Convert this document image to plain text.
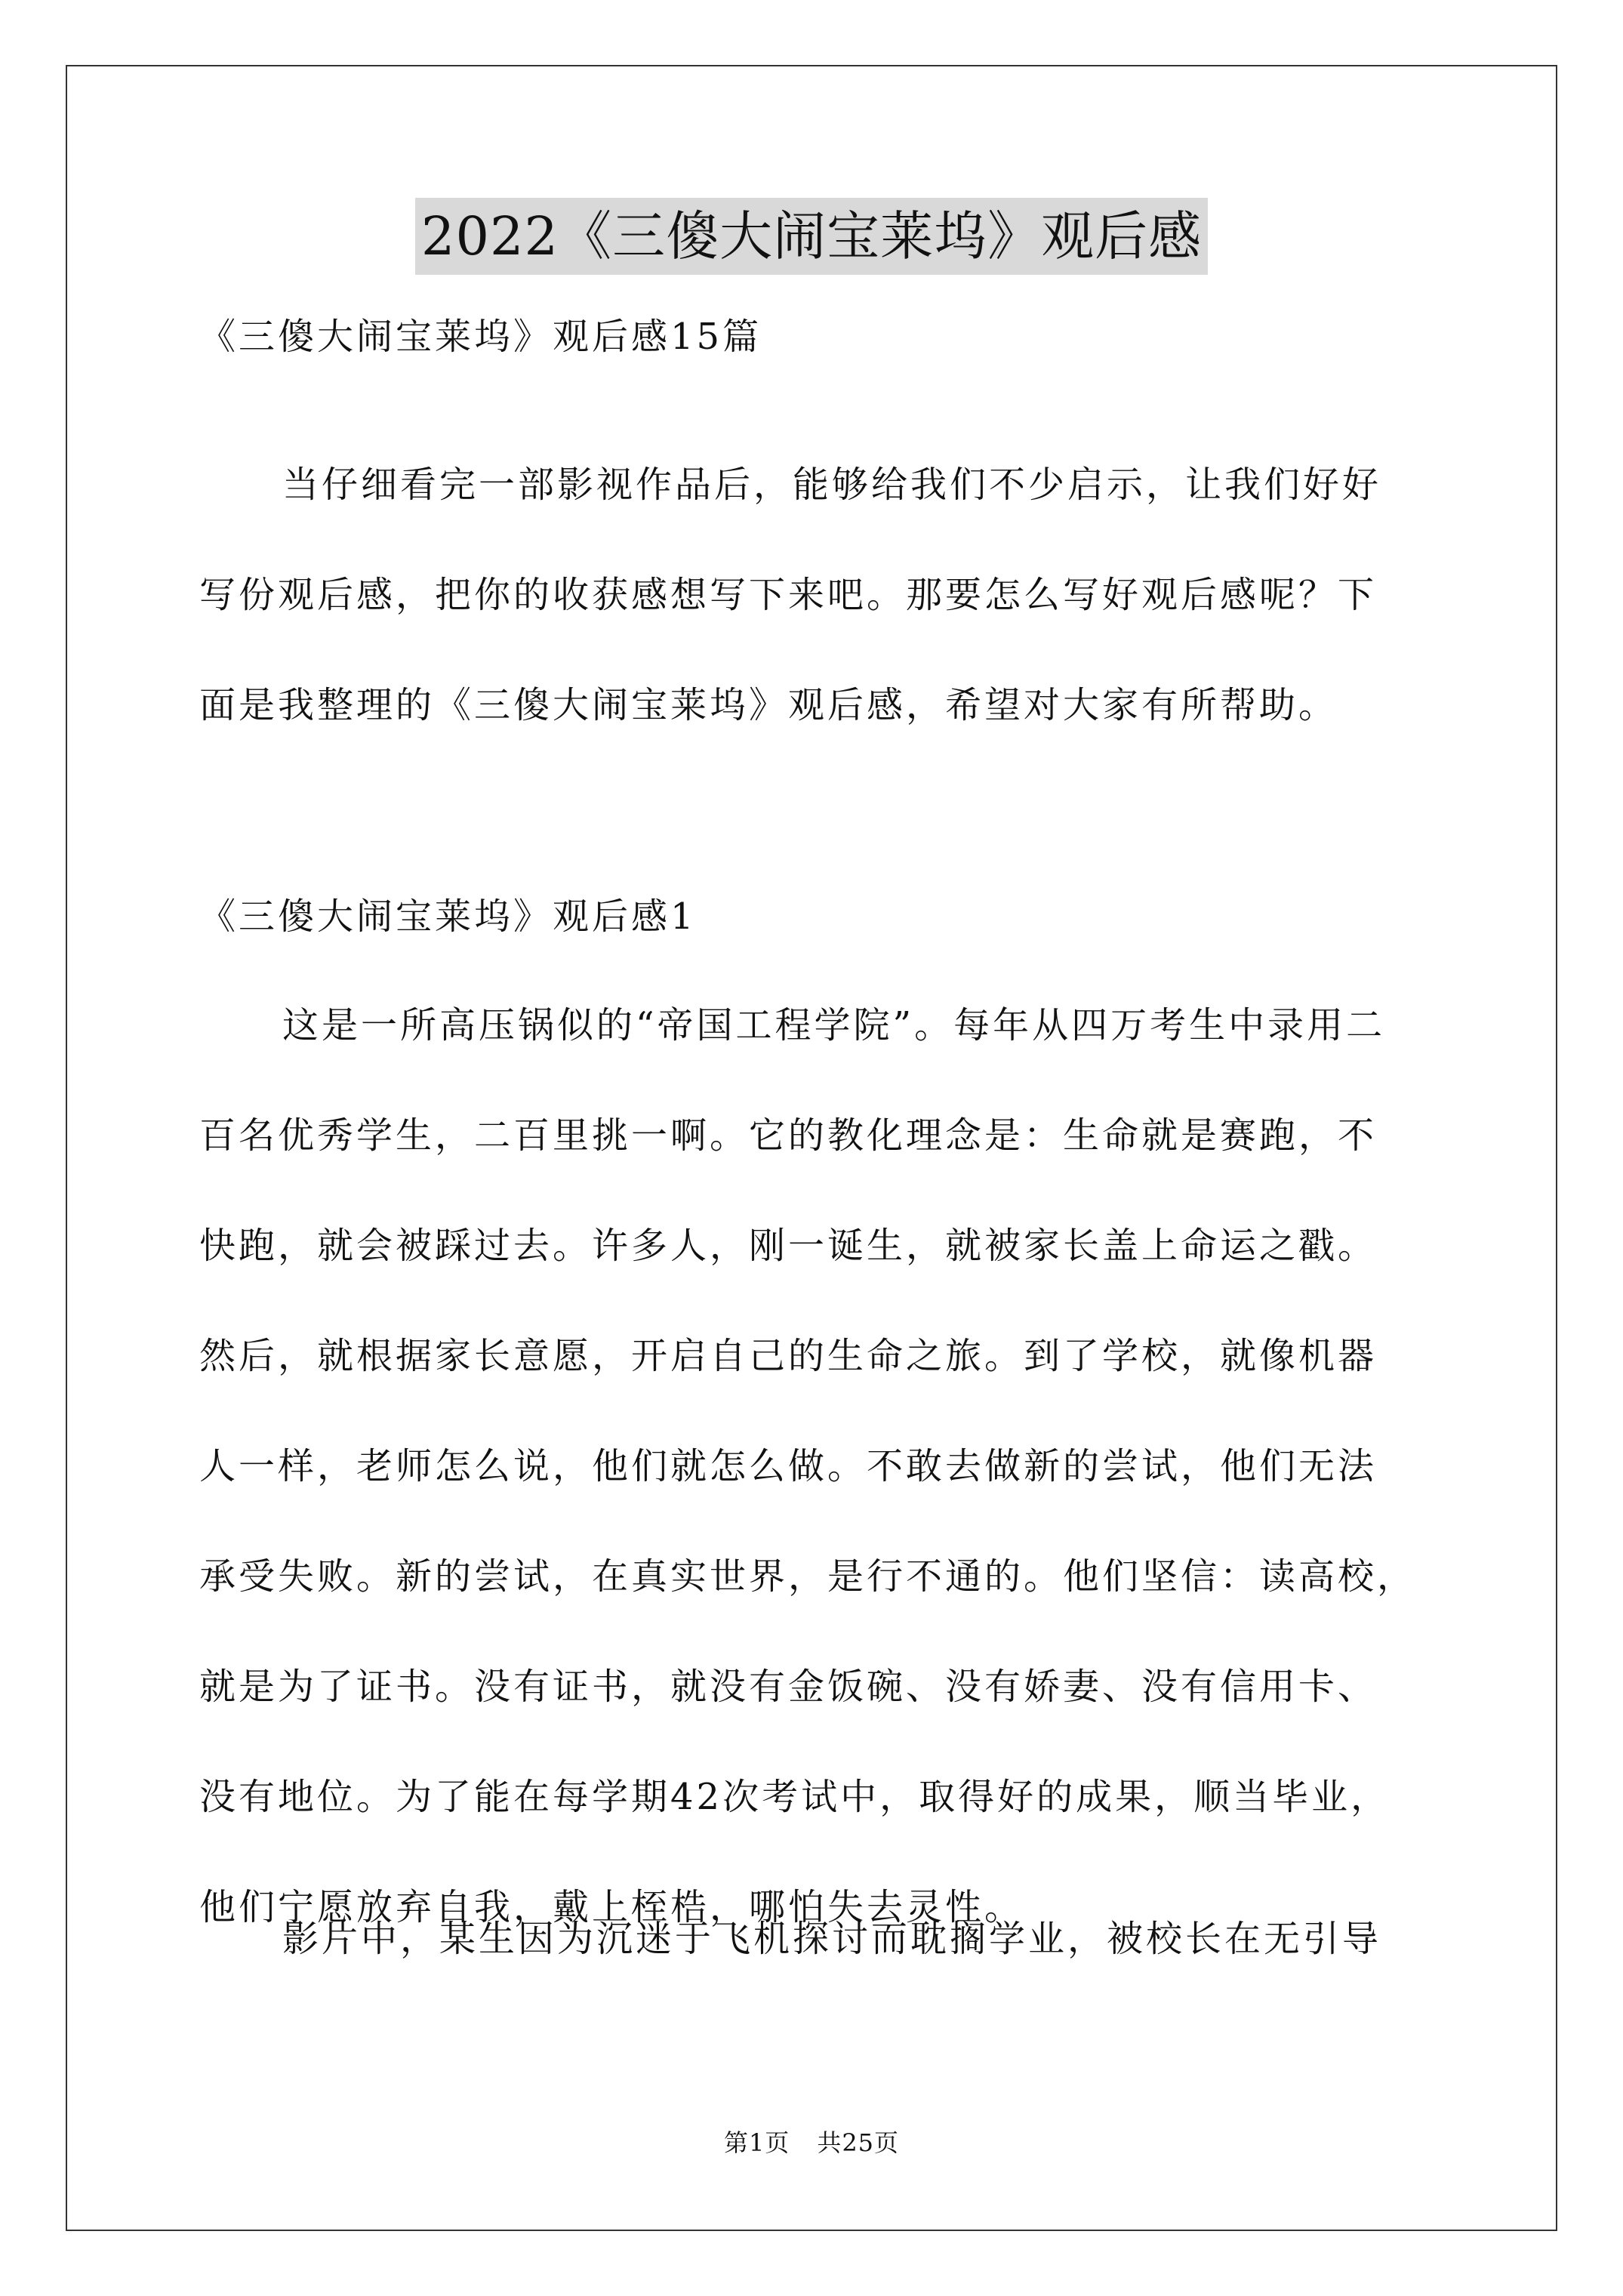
2022《三傻大闹宝莱坞》观后感
《三傻大闹宝莱坞》观后感15篇
当仔细看完一部影视作品后，能够给我们不少启示，让我们好好
写份观后感，把你的收获感想写下来吧。那要怎么写好观后感呢？下
面是我整理的《三傻大闹宝莱坞》观后感，希望对大家有所帮助。
《三傻大闹宝莱坞》观后感1
这是一所高压锅似的“帝国工程学院”。每年从四万考生中录用二
百名优秀学生，二百里挑一啊。它的教化理念是：生命就是赛跑，不
快跑，就会被踩过去。许多人，刚一诞生，就被家长盖上命运之戳。
然后，就根据家长意愿，开启自己的生命之旅。到了学校，就像机器
人一样，老师怎么说，他们就怎么做。不敢去做新的尝试，他们无法
承受失败。新的尝试，在真实世界，是行不通的。他们坚信：读高校，
就是为了证书。没有证书，就没有金饭碗、没有娇妻、没有信用卡、
没有地位。为了能在每学期42次考试中，取得好的成果，顺当毕业，
他们宁愿放弃自我，戴上桎梏，哪怕失去灵性。
影片中，某生因为沉迷于飞机探讨而耽搁学业，被校长在无引导
第1页 共25页
